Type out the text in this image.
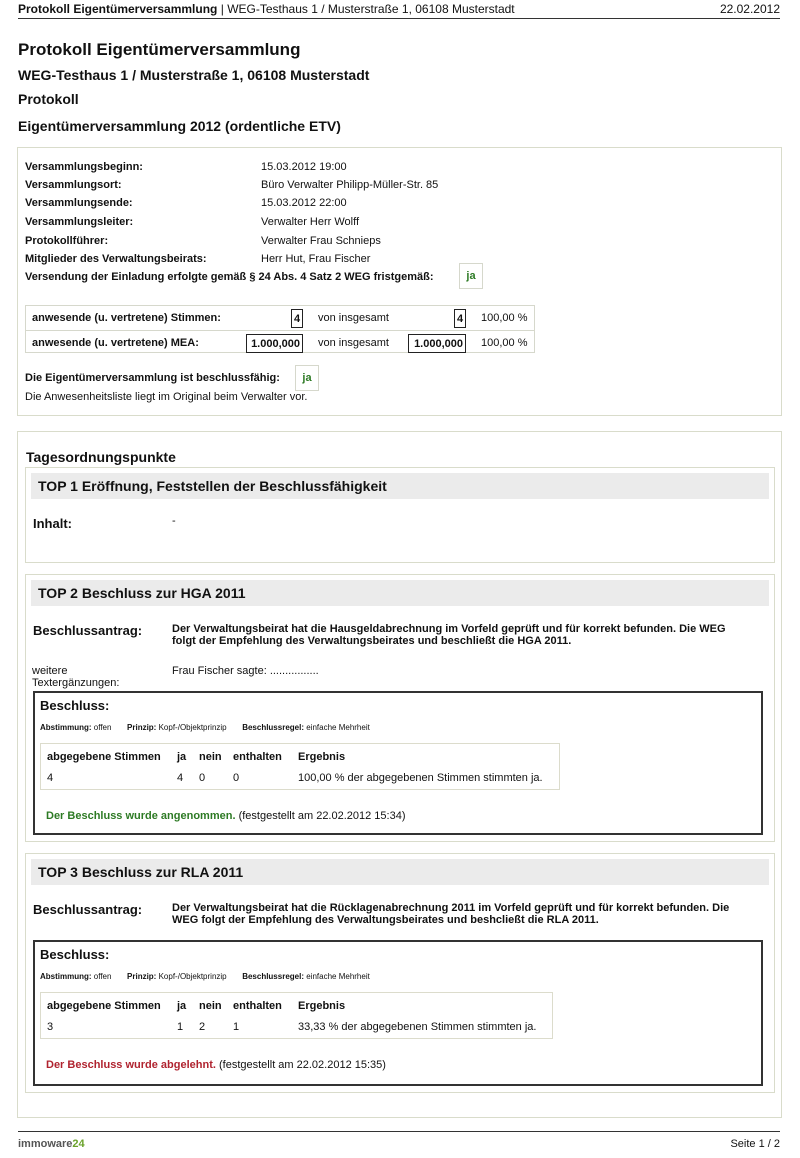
Protokoll Eigentümerversammlung | WEG-Testhaus 1 / Musterstraße 1, 06108 Musterstadt	22.02.2012
Protokoll Eigentümerversammlung
WEG-Testhaus 1 / Musterstraße 1, 06108 Musterstadt
Protokoll
Eigentümerversammlung 2012 (ordentliche ETV)
Versammlungsbeginn:	15.03.2012 19:00
Versammlungsort:	Büro Verwalter Philipp-Müller-Str. 85
Versammlungsende:	15.03.2012 22:00
Versammlungsleiter:	Verwalter Herr Wolff
Protokollführer:	Verwalter Frau Schnieps
Mitglieder des Verwaltungsbeirats:	Herr Hut, Frau Fischer
Versendung der Einladung erfolgte gemäß § 24 Abs. 4 Satz 2 WEG fristgemäß:	ja
anwesende (u. vertretene) Stimmen:	4 von insgesamt	4 100,00 %
anwesende (u. vertretene) MEA:	1.000,000 von insgesamt	1.000,000 100,00 %
Die Eigentümerversammlung ist beschlussfähig:	ja
Die Anwesenheitsliste liegt im Original beim Verwalter vor.
Tagesordnungspunkte
TOP 1 Eröffnung, Feststellen der Beschlussfähigkeit
Inhalt:	-
TOP 2 Beschluss zur HGA 2011
Beschlussantrag:	Der Verwaltungsbeirat hat die Hausgeldabrechnung im Vorfeld geprüft und für korrekt befunden. Die WEG
folgt der Empfehlung des Verwaltungsbeirates und beschließt die HGA 2011.
weitere
Textergänzungen:
Frau Fischer sagte: ................
Beschluss:
Abstimmung: offen Prinzip: Kopf-/Objektprinzip Beschlussregel: einfache Mehrheit
abgegebene Stimmen ja nein enthalten Ergebnis
4	4 0	0	100,00 % der abgegebenen Stimmen stimmten ja.
Der Beschluss wurde angenommen. (festgestellt am 22.02.2012 15:34)
TOP 3 Beschluss zur RLA 2011
Beschlussantrag:	Der Verwaltungsbeirat hat die Rücklagenabrechnung 2011 im Vorfeld geprüft und für korrekt befunden. Die
WEG folgt der Empfehlung des Verwaltungsbeirates und beshcließt die RLA 2011.
Beschluss:
Abstimmung: offen Prinzip: Kopf-/Objektprinzip Beschlussregel: einfache Mehrheit
abgegebene Stimmen ja nein enthalten Ergebnis
3	1 2	1	33,33 % der abgegebenen Stimmen stimmten ja.
Der Beschluss wurde abgelehnt. (festgestellt am 22.02.2012 15:35)
immoware24	Seite 1 / 2
